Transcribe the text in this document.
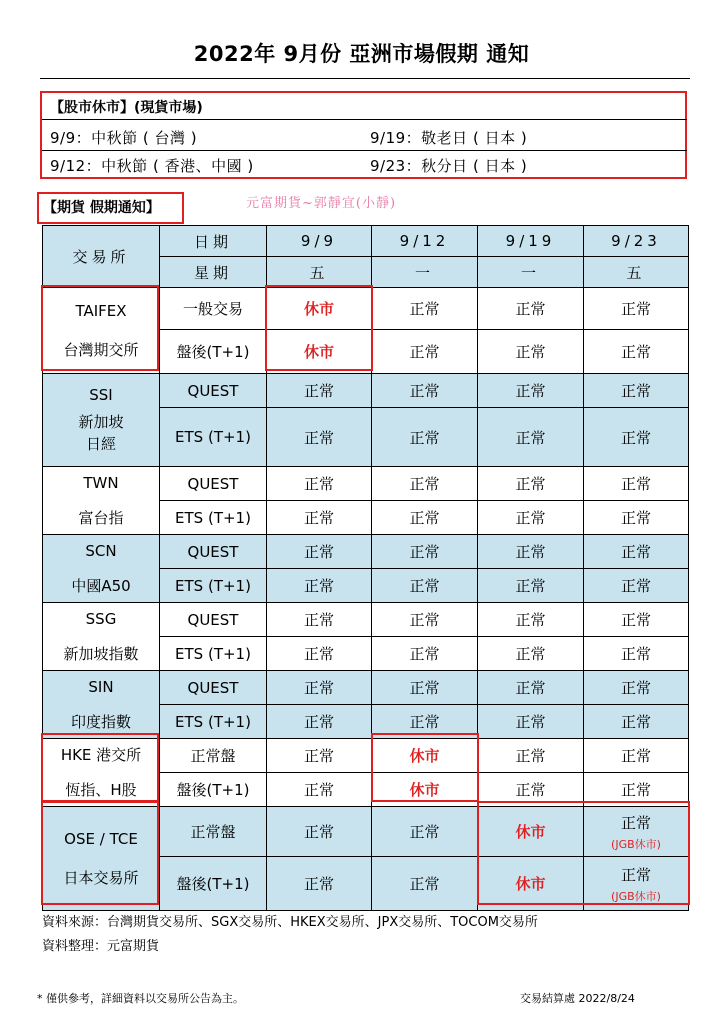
2022年 9月份 亞洲市場假期 通知
【股市休市】(現貨市場)
9/9：中秋節 ( 台灣 )	9/19：敬老日 ( 日本 )
9/12：中秋節 ( 香港、中國 )	9/23：秋分日 ( 日本 )
【期貨 假期通知】	元富期貨~郭靜宜(小靜)
交易所	日期	9/9	9/12	9/19	9/23
	星期	五	一	一	五

TAIFEX
台灣期交所	一般交易	休市	正常	正常	正常
	盤後(T+1)	休市	正常	正常	正常

SSI
新加坡
日經	QUEST	正常	正常	正常	正常
	ETS (T+1)	正常	正常	正常	正常

TWN
富台指	QUEST	正常	正常	正常	正常
	ETS (T+1)	正常	正常	正常	正常

SCN
中國A50	QUEST	正常	正常	正常	正常
	ETS (T+1)	正常	正常	正常	正常

SSG
新加坡指數	QUEST	正常	正常	正常	正常
	ETS (T+1)	正常	正常	正常	正常

SIN
印度指數	QUEST	正常	正常	正常	正常
	ETS (T+1)	正常	正常	正常	正常

HKE 港交所
恆指、H股	正常盤	正常	休市	正常	正常
	盤後(T+1)	正常	休市	正常	正常

OSE / TCE
日本交易所	正常盤	正常	正常	休市	正常
(JGB休市)

	盤後(T+1)	正常	正常	休市	正常
(JGB休市)
資料來源：台灣期貨交易所、SGX交易所、HKEX交易所、JPX交易所、TOCOM交易所
資料整理：元富期貨
* 僅供參考，詳細資料以交易所公告為主。	交易結算處 2022/8/24
